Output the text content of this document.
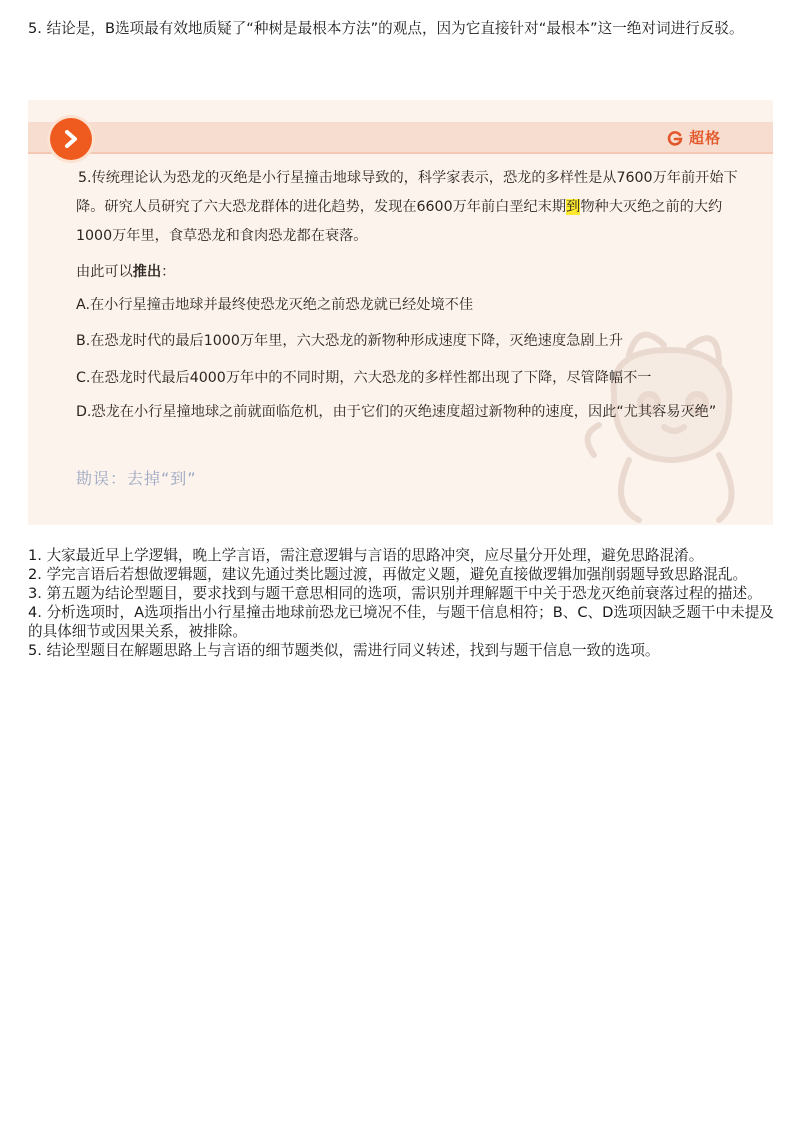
5. 结论是，B选项最有效地质疑了“种树是最根本方法”的观点，因为它直接针对“最根本”这一绝对词进行反驳。

超格

5.传统理论认为恐龙的灭绝是小行星撞击地球导致的，科学家表示，恐龙的多样性是从7600万年前开始下降。研究人员研究了六大恐龙群体的进化趋势，发现在6600万年前白垩纪末期到物种大灭绝之前的大约1000万年里，食草恐龙和食肉恐龙都在衰落。

由此可以推出：

A.在小行星撞击地球并最终使恐龙灭绝之前恐龙就已经处境不佳

B.在恐龙时代的最后1000万年里，六大恐龙的新物种形成速度下降，灭绝速度急剧上升

C.在恐龙时代最后4000万年中的不同时期，六大恐龙的多样性都出现了下降，尽管降幅不一

D.恐龙在小行星撞地球之前就面临危机，由于它们的灭绝速度超过新物种的速度，因此“尤其容易灭绝”

勘误：去掉“到”

1. 大家最近早上学逻辑，晚上学言语，需注意逻辑与言语的思路冲突，应尽量分开处理，避免思路混淆。

2. 学完言语后若想做逻辑题，建议先通过类比题过渡，再做定义题，避免直接做逻辑加强削弱题导致思路混乱。

3. 第五题为结论型题目，要求找到与题干意思相同的选项，需识别并理解题干中关于恐龙灭绝前衰落过程的描述。

4. 分析选项时，A选项指出小行星撞击地球前恐龙已境况不佳，与题干信息相符；B、C、D选项因缺乏题干中未提及的具体细节或因果关系，被排除。

5. 结论型题目在解题思路上与言语的细节题类似，需进行同义转述，找到与题干信息一致的选项。
